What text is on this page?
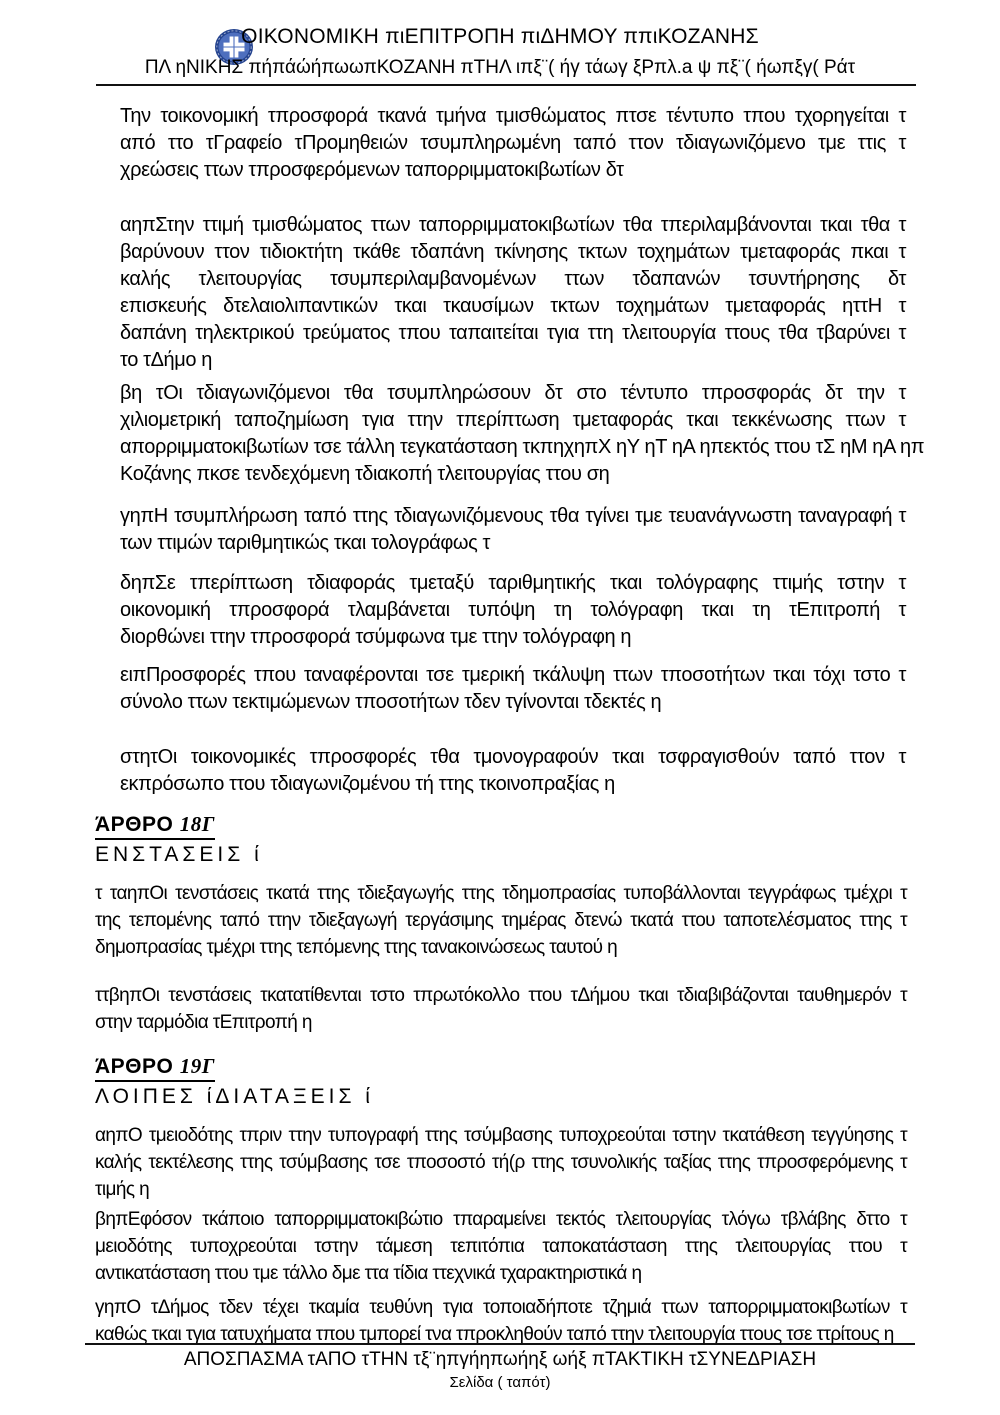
ΟΙΚΟΝΟΜΙΚΗ πιΕΠΙΤΡΟΠΗ πιΔΗΜΟΥ ππιΚΟΖΑΝΗΣ
ΠΛ ηΝΙΚΗΣ πήπάώήπωωπΚΟΖΑΝΗ πΤΗΛ ιπξ¨( ήγ τάωγ ξΡπλ.a ψ πξ¨( ήωπξγ( Ράτ
Την τοικονομική τπροσφορά τκανά τμήνα τμισθώματος πτσε τέντυπο τπου τχορηγείται τ
από ττο τΓραφείο τΠρομηθειών τσυμπληρωμένη ταπό ττον τδιαγωνιζόμενο τμε ττις τ
χρεώσεις ττων τπροσφερόμενων ταπορριμματοκιβωτίων δτ
αηπΣτην ττιμή τμισθώματος ττων ταπορριμματοκιβωτίων τθα τπεριλαμβάνονται τκαι τθα τ
βαρύνουν ττον τιδιοκτήτη τκάθε τδαπάνη τκίνησης τκτων τοχημάτων τμεταφοράς πκαι τ
καλής τλειτουργίας τσυμπεριλαμβανομένων ττων τδαπανών τσυντήρησης δτ
επισκευής δτελαιολιπαντικών τκαι τκαυσίμων τκτων τοχημάτων τμεταφοράς ηττΗ τ
δαπάνη τηλεκτρικού τρεύματος τπου ταπαιτείται τγια ττη τλειτουργία ττους τθα τβαρύνει τ
το τΔήμο η
βη τΟι τδιαγωνιζόμενοι τθα τσυμπληρώσουν δτ στο τέντυπο τπροσφοράς δτ την τ
χιλιομετρική ταποζημίωση τγια ττην τπερίπτωση τμεταφοράς τκαι τεκκένωσης ττων τ
απορριμματοκιβωτίων τσε τάλλη τεγκατάσταση τκπηχηπΧ ηΥ ηΤ ηΑ ηπεκτός ττου τΣ ηΜ ηΑ ηπ
Κοζάνης πκσε τενδεχόμενη τδιακοπή τλειτουργίας ττου ση
γηπΗ τσυμπλήρωση ταπό ττης τδιαγωνιζόμενους τθα τγίνει τμε τευανάγνωστη ταναγραφή τ
των ττιμών ταριθμητικώς τκαι τολογράφως τ
δηπΣε τπερίπτωση τδιαφοράς τμεταξύ ταριθμητικής τκαι τολόγραφης ττιμής τστην τ
οικονομική τπροσφορά τλαμβάνεται τυπόψη τη τολόγραφη τκαι τη τΕπιτροπή τ
διορθώνει ττην τπροσφορά τσύμφωνα τμε ττην τολόγραφη η
ειπΠροσφορές τπου ταναφέρονται τσε τμερική τκάλυψη ττων τποσοτήτων τκαι τόχι τστο τ
σύνολο ττων τεκτιμώμενων τποσοτήτων τδεν τγίνονται τδεκτές η
στητΟι τοικονομικές τπροσφορές τθα τμονογραφούν τκαι τσφραγισθούν ταπό ττον τ
εκπρόσωπο ττου τδιαγωνιζομένου τή ττης τκοινοπραξίας η
ΆΡΘΡΟ 18Γ
ΕΝΣΤΑΣΕΙΣ ί
τ ταηπΟι τενστάσεις τκατά ττης τδιεξαγωγής ττης τδημοπρασίας τυποβάλλονται τεγγράφως τμέχρι τ
της τεπομένης ταπό ττην τδιεξαγωγή τεργάσιμης τημέρας δτενώ τκατά ττου ταποτελέσματος ττης τ
δημοπρασίας τμέχρι ττης τεπόμενης ττης τανακοινώσεως ταυτού η
ττβηπΟι τενστάσεις τκατατίθενται τστο τπρωτόκολλο ττου τΔήμου τκαι τδιαβιβάζονται ταυθημερόν τ
στην ταρμόδια τΕπιτροπή η
ΆΡΘΡΟ 19Γ
ΛΟΙΠΕΣ ίΔΙΑΤΑΞΕΙΣ ί
αηπΟ τμειοδότης τπριν ττην τυπογραφή ττης τσύμβασης τυποχρεούται τστην τκατάθεση τεγγύησης τ
καλής τεκτέλεσης ττης τσύμβασης τσε τποσοστό τή(ρ ττης τσυνολικής ταξίας ττης τπροσφερόμενης τ
τιμής η
βηπΕφόσον τκάποιο ταπορριμματοκιβώτιο τπαραμείνει τεκτός τλειτουργίας τλόγω τβλάβης δττο τ
μειοδότης τυποχρεούται τστην τάμεση τεπιτόπια ταποκατάσταση ττης τλειτουργίας ττου τ
αντικατάσταση ττου τμε τάλλο δμε ττα τίδια ττεχνικά τχαρακτηριστικά η
γηπΟ τΔήμος τδεν τέχει τκαμία τευθύνη τγια τοποιαδήποτε τζημιά ττων ταπορριμματοκιβωτίων τ
καθώς τκαι τγια τατυχήματα τπου τμπορεί τνα τπροκληθούν ταπό ττην τλειτουργία ττους τσε ττρίτους η
ΑΠΟΣΠΑΣΜΑ τΑΠΟ τΤΗΝ τξ¨ηπγήηπωήηξ ωήξ πΤΑΚΤΙΚΗ τΣΥΝΕΔΡΙΑΣΗ
Σελίδα ( ταπότ)
